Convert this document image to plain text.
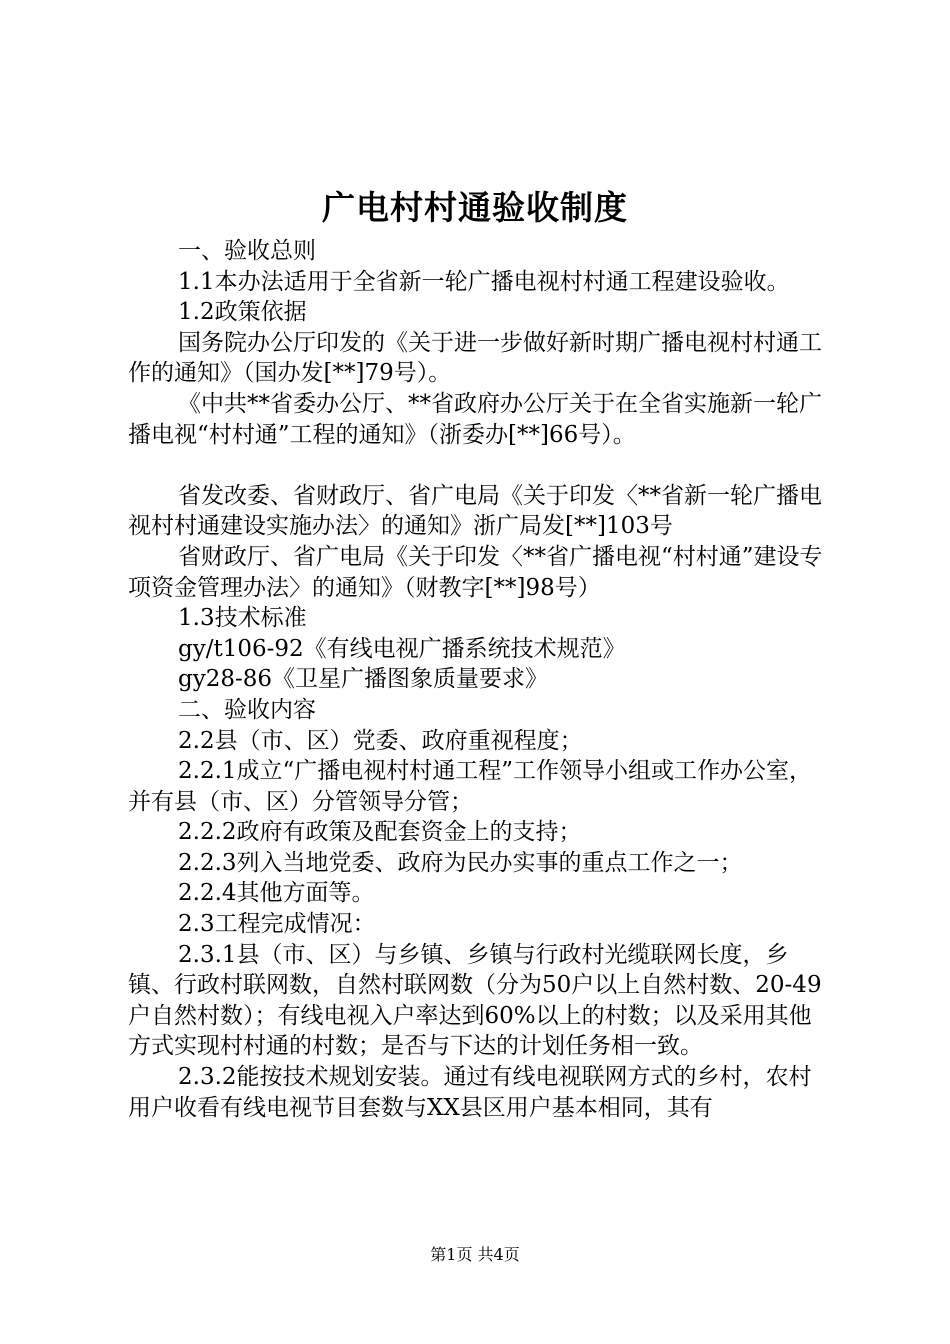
广电村村通验收制度

一、验收总则

1.1本办法适用于全省新一轮广播电视村村通工程建设验收。

1.2政策依据

国务院办公厅印发的《关于进一步做好新时期广播电视村村通工作的通知》（国办发[**]79号）。

《中共**省委办公厅、**省政府办公厅关于在全省实施新一轮广播电视“村村通”工程的通知》（浙委办[**]66号）。

省发改委、省财政厅、省广电局《关于印发〈**省新一轮广播电视村村通建设实施办法〉的通知》浙广局发[**]103号

省财政厅、省广电局《关于印发〈**省广播电视“村村通”建设专项资金管理办法〉的通知》（财教字[**]98号）

1.3技术标准

gy/t106-92《有线电视广播系统技术规范》

gy28-86《卫星广播图象质量要求》

二、验收内容

2.2县（市、区）党委、政府重视程度；

2.2.1成立“广播电视村村通工程”工作领导小组或工作办公室，并有县（市、区）分管领导分管；

2.2.2政府有政策及配套资金上的支持；

2.2.3列入当地党委、政府为民办实事的重点工作之一；

2.2.4其他方面等。

2.3工程完成情况：

2.3.1县（市、区）与乡镇、乡镇与行政村光缆联网长度，乡镇、行政村联网数，自然村联网数（分为50户以上自然村数、20-49户自然村数）；有线电视入户率达到60%以上的村数；以及采用其他方式实现村村通的村数；是否与下达的计划任务相一致。

2.3.2能按技术规划安装。通过有线电视联网方式的乡村，农村用户收看有线电视节目套数与XX县区用户基本相同，其有

第1页 共4页
